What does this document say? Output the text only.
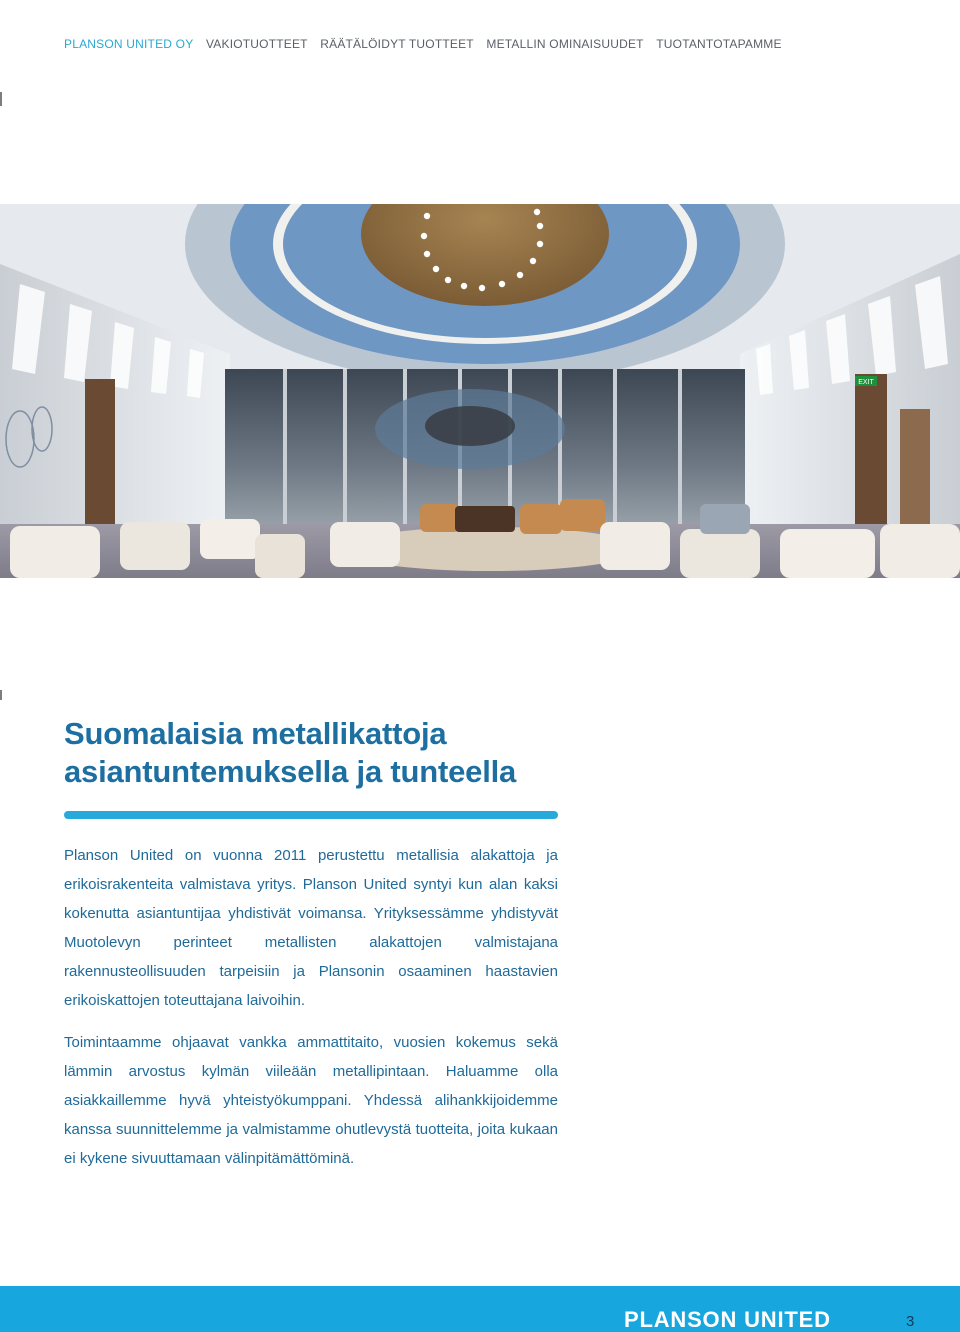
PLANSON UNITED OY VAKIOTUOTTEET RÄÄTÄLÖIDYT TUOTTEET METALLIN OMINAISUUDET TUOTANTOTAPAMME
EXIT
Suomalaisia metallikattoja
asiantuntemuksella ja tunteella

Planson United on vuonna 2011 perustettu metallisia alakattoja ja erikoisrakenteita valmistava yritys. Planson United syntyi kun alan kaksi kokenutta asiantuntijaa yhdistivät voimansa. Yrityksessämme yhdistyvät Muotolevyn perinteet metallisten alakattojen valmistajana rakennusteollisuuden tarpeisiin ja Plansonin osaaminen haastavien erikoiskattojen toteuttajana laivoihin.

Toimintaamme ohjaavat vankka ammattitaito, vuosien kokemus sekä lämmin arvostus kylmän viileään metallipintaan. Haluamme olla asiakkaillemme hyvä yhteistyökumppani. Yhdessä alihankkijoidemme kanssa suunnittelemme ja valmistamme ohutlevystä tuotteita, joita kukaan ei kykene sivuuttamaan välinpitämättöminä.

PLANSON UNITED	3
